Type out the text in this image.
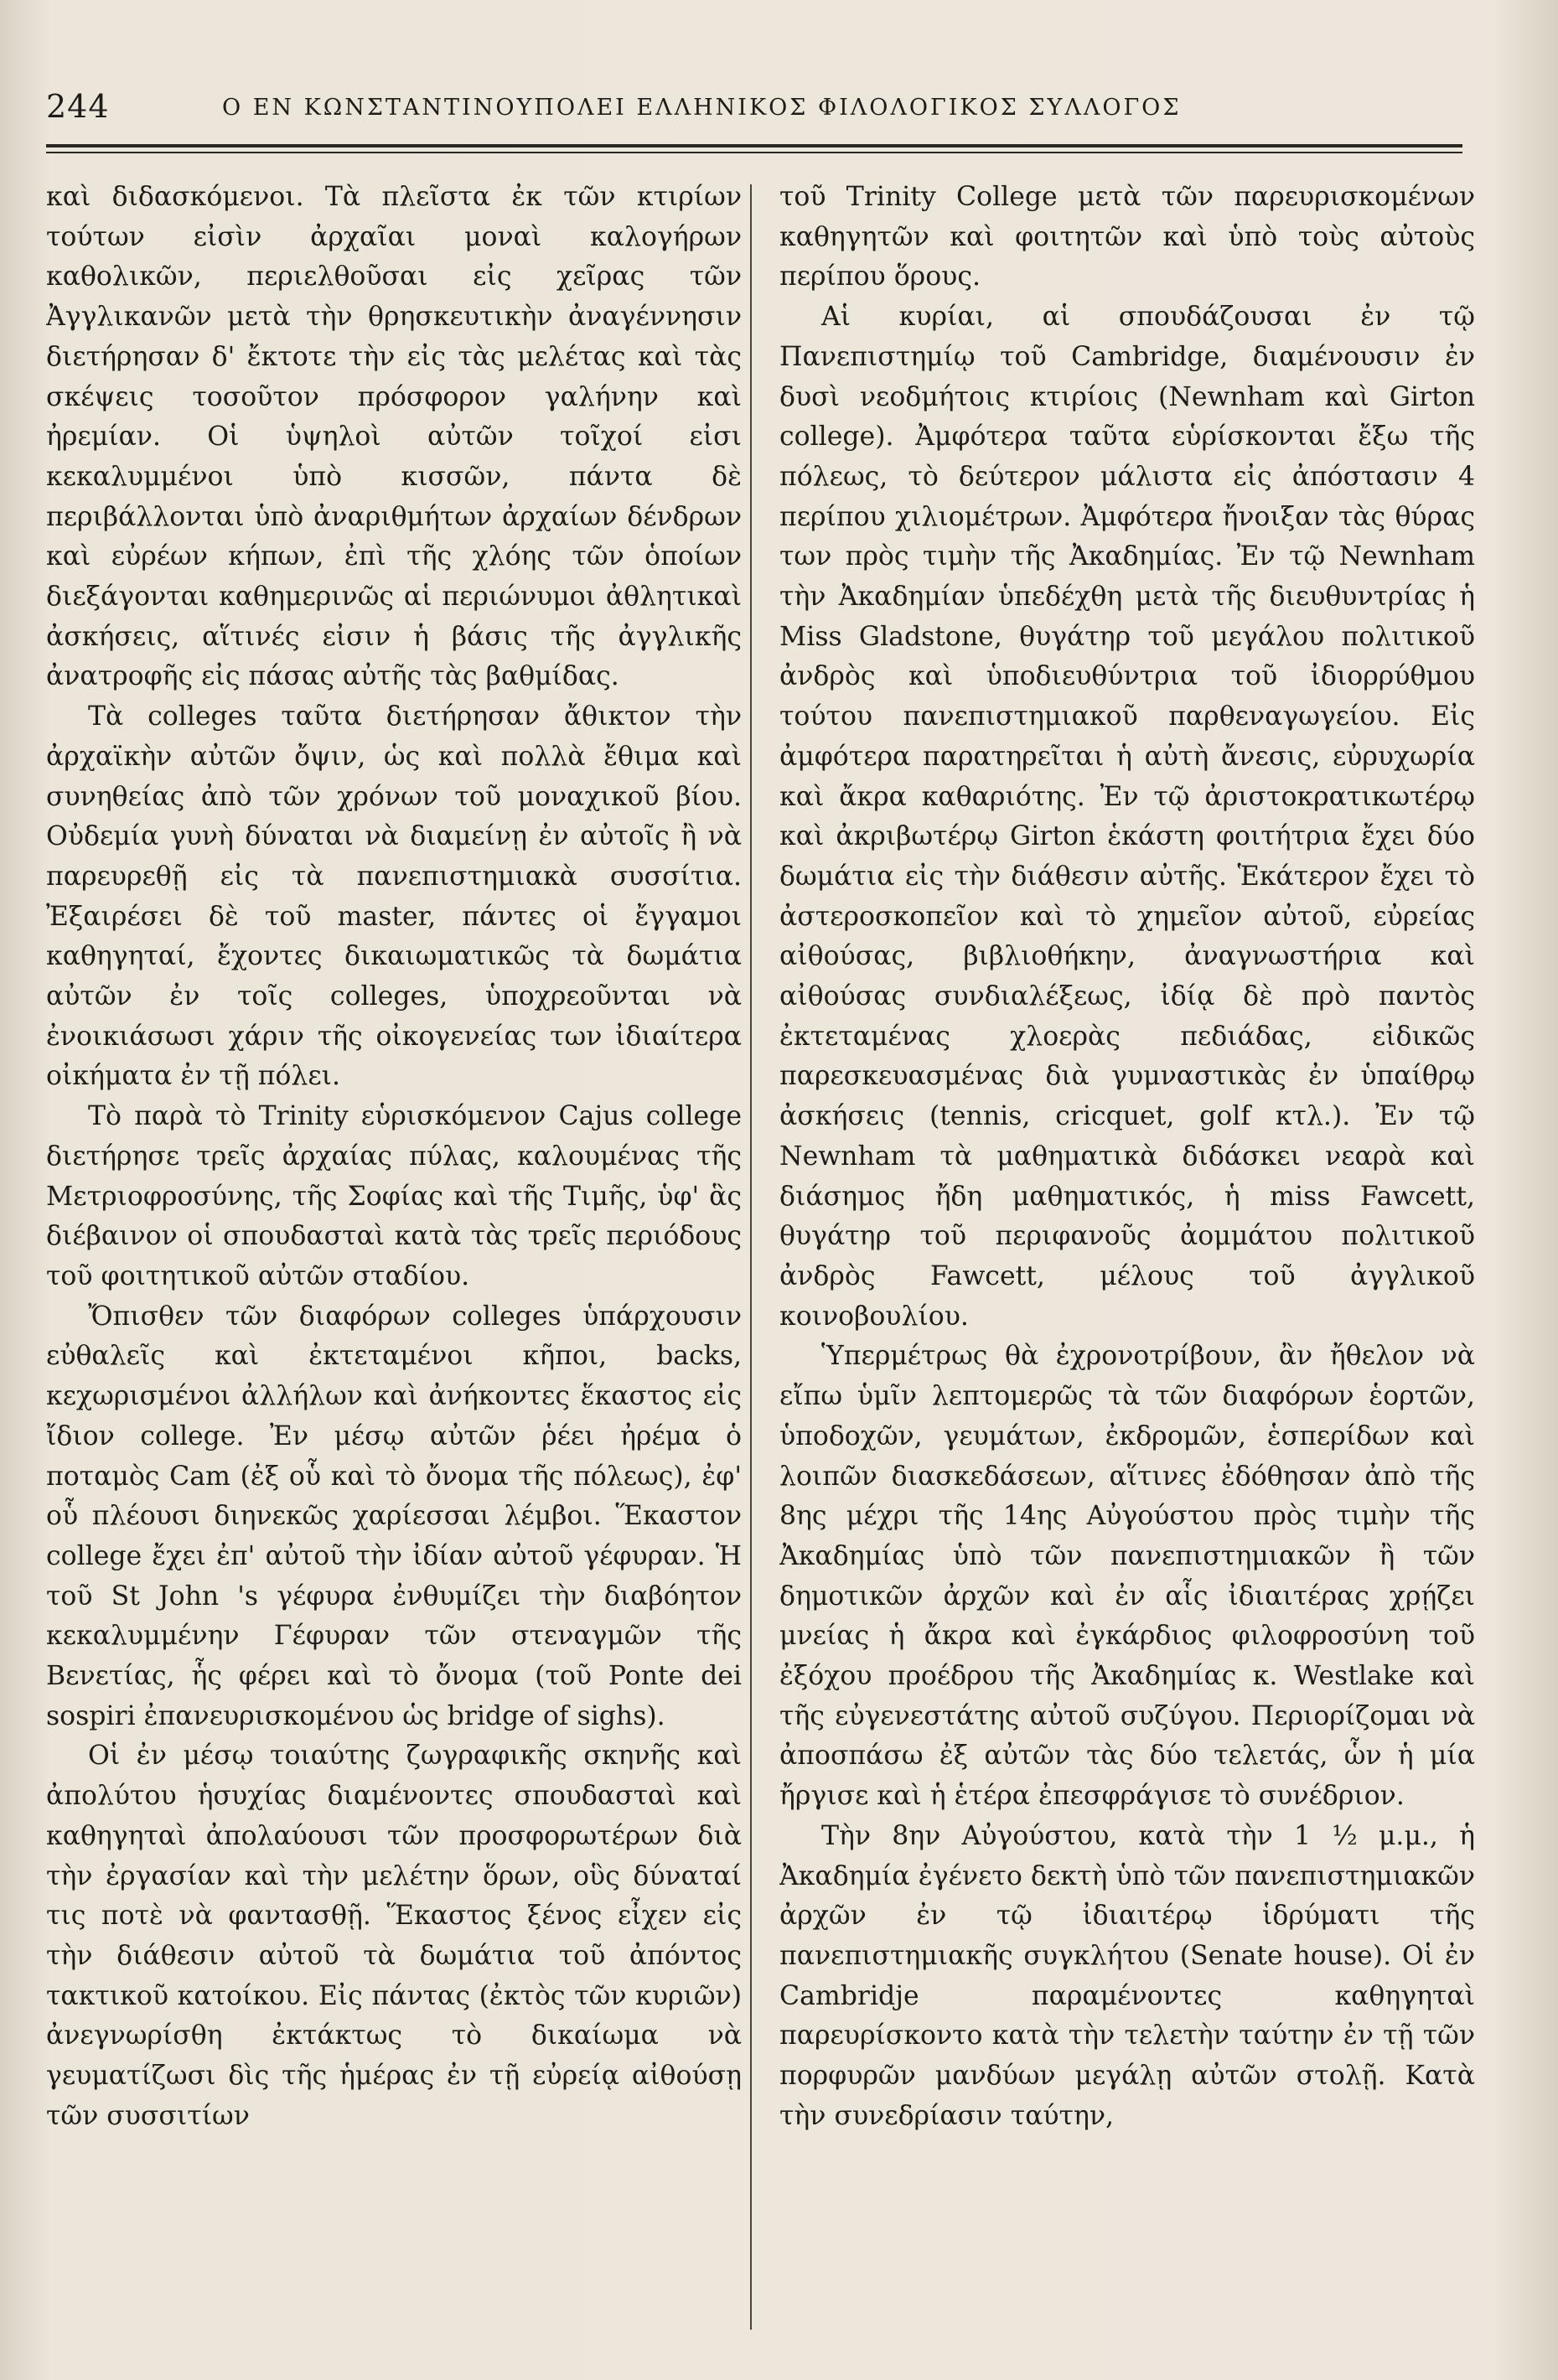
244	Ο ΕΝ ΚΩΝΣΤΑΝΤΙΝΟΥΠΟΛΕΙ ΕΛΛΗΝΙΚΟΣ ΦΙΛΟΛΟΓΙΚΟΣ ΣΥΛΛΟΓΟΣ

καὶ διδασκόμενοι. Τὰ πλεῖστα ἐκ τῶν κτιρίων τούτων εἰσὶν ἀρχαῖαι μοναὶ καλογήρων καθολικῶν, περιελθοῦσαι εἰς χεῖρας τῶν Ἀγγλικανῶν μετὰ τὴν θρησκευτικὴν ἀναγέννησιν διετήρησαν δ' ἔκτοτε τὴν εἰς τὰς μελέτας καὶ τὰς σκέψεις τοσοῦτον πρόσφορον γαλήνην καὶ ἠρεμίαν. Οἱ ὑψηλοὶ αὐτῶν τοῖχοί εἰσι κεκαλυμμένοι ὑπὸ κισσῶν, πάντα δὲ περιβάλλονται ὑπὸ ἀναριθμήτων ἀρχαίων δένδρων καὶ εὐρέων κήπων, ἐπὶ τῆς χλόης τῶν ὁποίων διεξάγονται καθημερινῶς αἱ περιώνυμοι ἀθλητικαὶ ἀσκήσεις, αἵτινές εἰσιν ἡ βάσις τῆς ἀγγλικῆς ἀνατροφῆς εἰς πάσας αὐτῆς τὰς βαθμίδας.

Τὰ colleges ταῦτα διετήρησαν ἄθικτον τὴν ἀρχαϊκὴν αὐτῶν ὄψιν, ὡς καὶ πολλὰ ἔθιμα καὶ συνηθείας ἀπὸ τῶν χρόνων τοῦ μοναχικοῦ βίου. Οὐδεμία γυνὴ δύναται νὰ διαμείνῃ ἐν αὐτοῖς ἢ νὰ παρευρεθῇ εἰς τὰ πανεπιστημιακὰ συσσίτια. Ἐξαιρέσει δὲ τοῦ master, πάντες οἱ ἔγγαμοι καθηγηταί, ἔχοντες δικαιωματικῶς τὰ δωμάτια αὐτῶν ἐν τοῖς colleges, ὑποχρεοῦνται νὰ ἐνοικιάσωσι χάριν τῆς οἰκογενείας των ἰδιαίτερα οἰκήματα ἐν τῇ πόλει.

Τὸ παρὰ τὸ Trinity εὑρισκόμενον Cajus college διετήρησε τρεῖς ἀρχαίας πύλας, καλουμένας τῆς Μετριοφροσύνης, τῆς Σοφίας καὶ τῆς Τιμῆς, ὑφ' ἃς διέβαινον οἱ σπουδασταὶ κατὰ τὰς τρεῖς περιόδους τοῦ φοιτητικοῦ αὐτῶν σταδίου.

Ὄπισθεν τῶν διαφόρων colleges ὑπάρχουσιν εὐθαλεῖς καὶ ἐκτεταμένοι κῆποι, backs, κεχωρισμένοι ἀλλήλων καὶ ἀνήκοντες ἕκαστος εἰς ἴδιον college. Ἐν μέσῳ αὐτῶν ῥέει ἠρέμα ὁ ποταμὸς Cam (ἐξ οὗ καὶ τὸ ὄνομα τῆς πόλεως), ἐφ' οὗ πλέουσι διηνεκῶς χαρίεσσαι λέμβοι. Ἕκαστον college ἔχει ἐπ' αὐτοῦ τὴν ἰδίαν αὐτοῦ γέφυραν. Ἡ τοῦ St John 's γέφυρα ἐνθυμίζει τὴν διαβόητον κεκαλυμμένην Γέφυραν τῶν στεναγμῶν τῆς Βενετίας, ἧς φέρει καὶ τὸ ὄνομα (τοῦ Ponte dei sospiri ἐπανευρισκομένου ὡς bridge of sighs).

Οἱ ἐν μέσῳ τοιαύτης ζωγραφικῆς σκηνῆς καὶ ἀπολύτου ἡσυχίας διαμένοντες σπουδασταὶ καὶ καθηγηταὶ ἀπολαύουσι τῶν προσφορωτέρων διὰ τὴν ἐργασίαν καὶ τὴν μελέτην ὅρων, οὓς δύναταί τις ποτὲ νὰ φαντασθῇ. Ἕκαστος ξένος εἶχεν εἰς τὴν διάθεσιν αὐτοῦ τὰ δωμάτια τοῦ ἀπόντος τακτικοῦ κατοίκου. Εἰς πάντας (ἐκτὸς τῶν κυριῶν) ἀνεγνωρίσθη ἐκτάκτως τὸ δικαίωμα νὰ γευματίζωσι δὶς τῆς ἡμέρας ἐν τῇ εὐρείᾳ αἰθούσῃ τῶν συσσιτίων

τοῦ Trinity College μετὰ τῶν παρευρισκομένων καθηγητῶν καὶ φοιτητῶν καὶ ὑπὸ τοὺς αὐτοὺς περίπου ὅρους.

Αἱ κυρίαι, αἱ σπουδάζουσαι ἐν τῷ Πανεπιστημίῳ τοῦ Cambridge, διαμένουσιν ἐν δυσὶ νεοδμήτοις κτιρίοις (Newnham καὶ Girton college). Ἀμφότερα ταῦτα εὑρίσκονται ἔξω τῆς πόλεως, τὸ δεύτερον μάλιστα εἰς ἀπόστασιν 4 περίπου χιλιομέτρων. Ἀμφότερα ἤνοιξαν τὰς θύρας των πρὸς τιμὴν τῆς Ἀκαδημίας. Ἐν τῷ Newnham τὴν Ἀκαδημίαν ὑπεδέχθη μετὰ τῆς διευθυντρίας ἡ Miss Gladstone, θυγάτηρ τοῦ μεγάλου πολιτικοῦ ἀνδρὸς καὶ ὑποδιευθύντρια τοῦ ἰδιορρύθμου τούτου πανεπιστημιακοῦ παρθεναγωγείου. Εἰς ἀμφότερα παρατηρεῖται ἡ αὐτὴ ἄνεσις, εὐρυχωρία καὶ ἄκρα καθαριότης. Ἐν τῷ ἀριστοκρατικωτέρῳ καὶ ἀκριβωτέρῳ Girton ἑκάστη φοιτήτρια ἔχει δύο δωμάτια εἰς τὴν διάθεσιν αὐτῆς. Ἑκάτερον ἔχει τὸ ἀστεροσκοπεῖον καὶ τὸ χημεῖον αὐτοῦ, εὐρείας αἰθούσας, βιβλιοθήκην, ἀναγνωστήρια καὶ αἰθούσας συνδιαλέξεως, ἰδίᾳ δὲ πρὸ παντὸς ἐκτεταμένας χλοερὰς πεδιάδας, εἰδικῶς παρεσκευασμένας διὰ γυμναστικὰς ἐν ὑπαίθρῳ ἀσκήσεις (tennis, cricquet, golf κτλ.). Ἐν τῷ Newnham τὰ μαθηματικὰ διδάσκει νεαρὰ καὶ διάσημος ἤδη μαθηματικός, ἡ miss Fawcett, θυγάτηρ τοῦ περιφανοῦς ἀομμάτου πολιτικοῦ ἀνδρὸς Fawcett, μέλους τοῦ ἀγγλικοῦ κοινοβουλίου.

Ὑπερμέτρως θὰ ἐχρονοτρίβουν, ἂν ἤθελον νὰ εἴπω ὑμῖν λεπτομερῶς τὰ τῶν διαφόρων ἑορτῶν, ὑποδοχῶν, γευμάτων, ἐκδρομῶν, ἑσπερίδων καὶ λοιπῶν διασκεδάσεων, αἵτινες ἐδόθησαν ἀπὸ τῆς 8ης μέχρι τῆς 14ης Αὐγούστου πρὸς τιμὴν τῆς Ἀκαδημίας ὑπὸ τῶν πανεπιστημιακῶν ἢ τῶν δημοτικῶν ἀρχῶν καὶ ἐν αἷς ἰδιαιτέρας χρῄζει μνείας ἡ ἄκρα καὶ ἐγκάρδιος φιλοφροσύνη τοῦ ἐξόχου προέδρου τῆς Ἀκαδημίας κ. Westlake καὶ τῆς εὐγενεστάτης αὐτοῦ συζύγου. Περιορίζομαι νὰ ἀποσπάσω ἐξ αὐτῶν τὰς δύο τελετάς, ὧν ἡ μία ἤργισε καὶ ἡ ἑτέρα ἐπεσφράγισε τὸ συνέδριον.

Τὴν 8ην Αὐγούστου, κατὰ τὴν 1 ½ μ.μ., ἡ Ἀκαδημία ἐγένετο δεκτὴ ὑπὸ τῶν πανεπιστημιακῶν ἀρχῶν ἐν τῷ ἰδιαιτέρῳ ἱδρύματι τῆς πανεπιστημιακῆς συγκλήτου (Senate house). Οἱ ἐν Cambridje παραμένοντες καθηγηταὶ παρευρίσκοντο κατὰ τὴν τελετὴν ταύτην ἐν τῇ τῶν πορφυρῶν μανδύων μεγάλῃ αὐτῶν στολῇ. Κατὰ τὴν συνεδρίασιν ταύτην,
